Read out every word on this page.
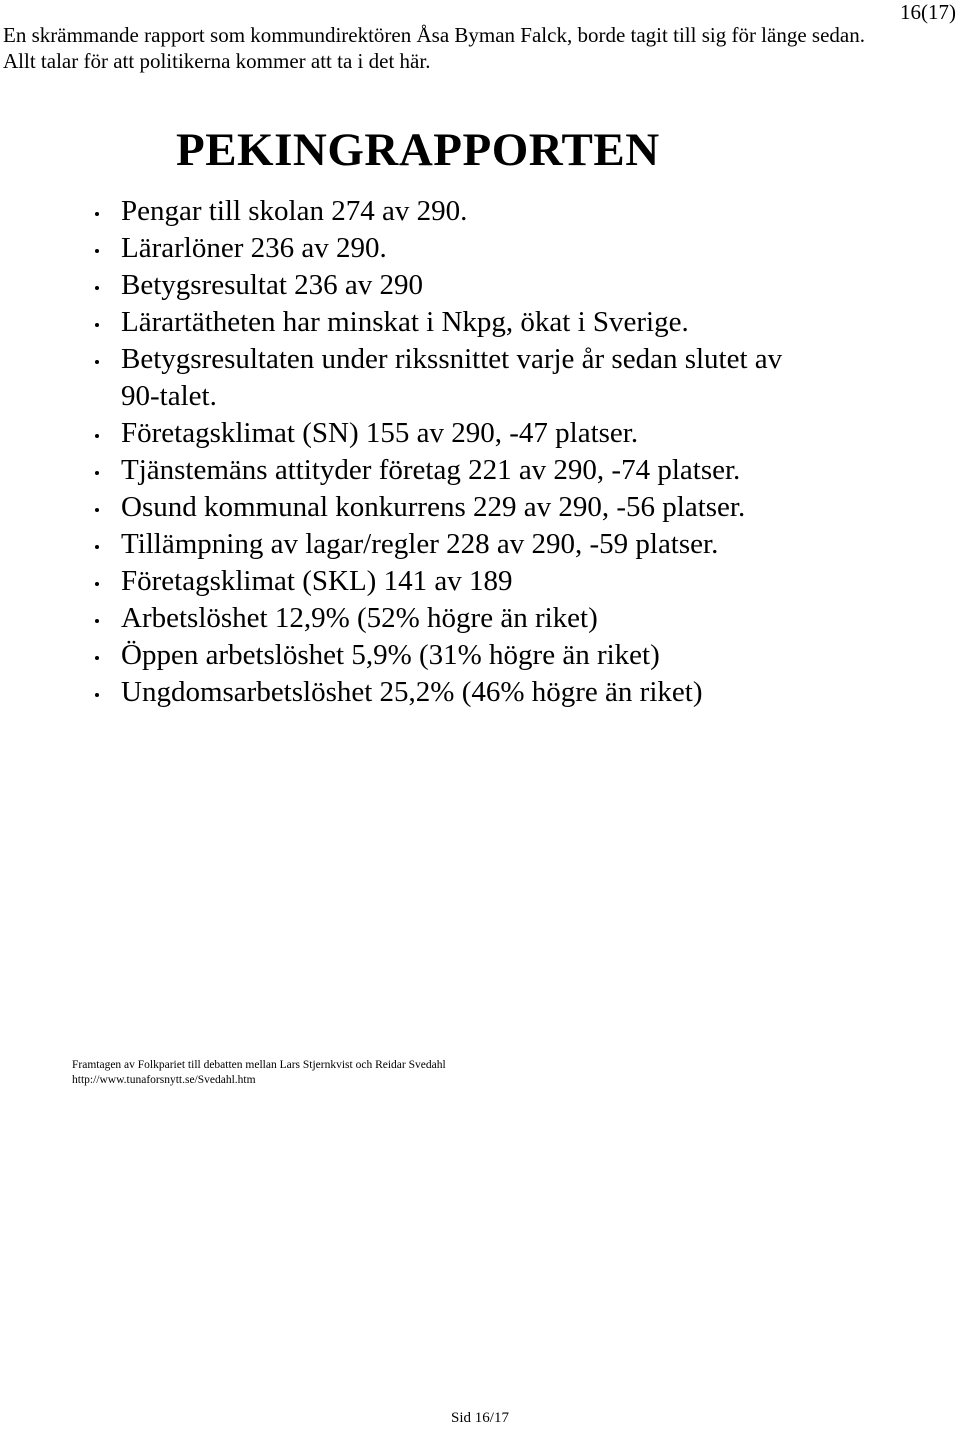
16(17)
En skrämmande rapport som kommundirektören Åsa Byman Falck, borde tagit till sig för länge sedan.
Allt talar för att politikerna kommer att ta i det här.
PEKINGRAPPORTEN
Pengar till skolan 274 av 290.
Lärarlöner 236 av 290.
Betygsresultat 236 av 290
Lärartätheten har minskat i Nkpg, ökat i Sverige.
Betygsresultaten under rikssnittet varje år sedan slutet av 90-talet.
Företagsklimat (SN) 155 av 290, -47 platser.
Tjänstemäns attityder företag 221 av 290, -74 platser.
Osund kommunal konkurrens 229 av 290, -56 platser.
Tillämpning av lagar/regler 228 av 290, -59 platser.
Företagsklimat (SKL) 141 av 189
Arbetslöshet 12,9% (52% högre än riket)
Öppen arbetslöshet 5,9% (31% högre än riket)
Ungdomsarbetslöshet 25,2% (46% högre än riket)
Framtagen av Folkpariet till debatten mellan Lars Stjernkvist och Reidar Svedahl
http://www.tunaforsnytt.se/Svedahl.htm
Sid 16/17
